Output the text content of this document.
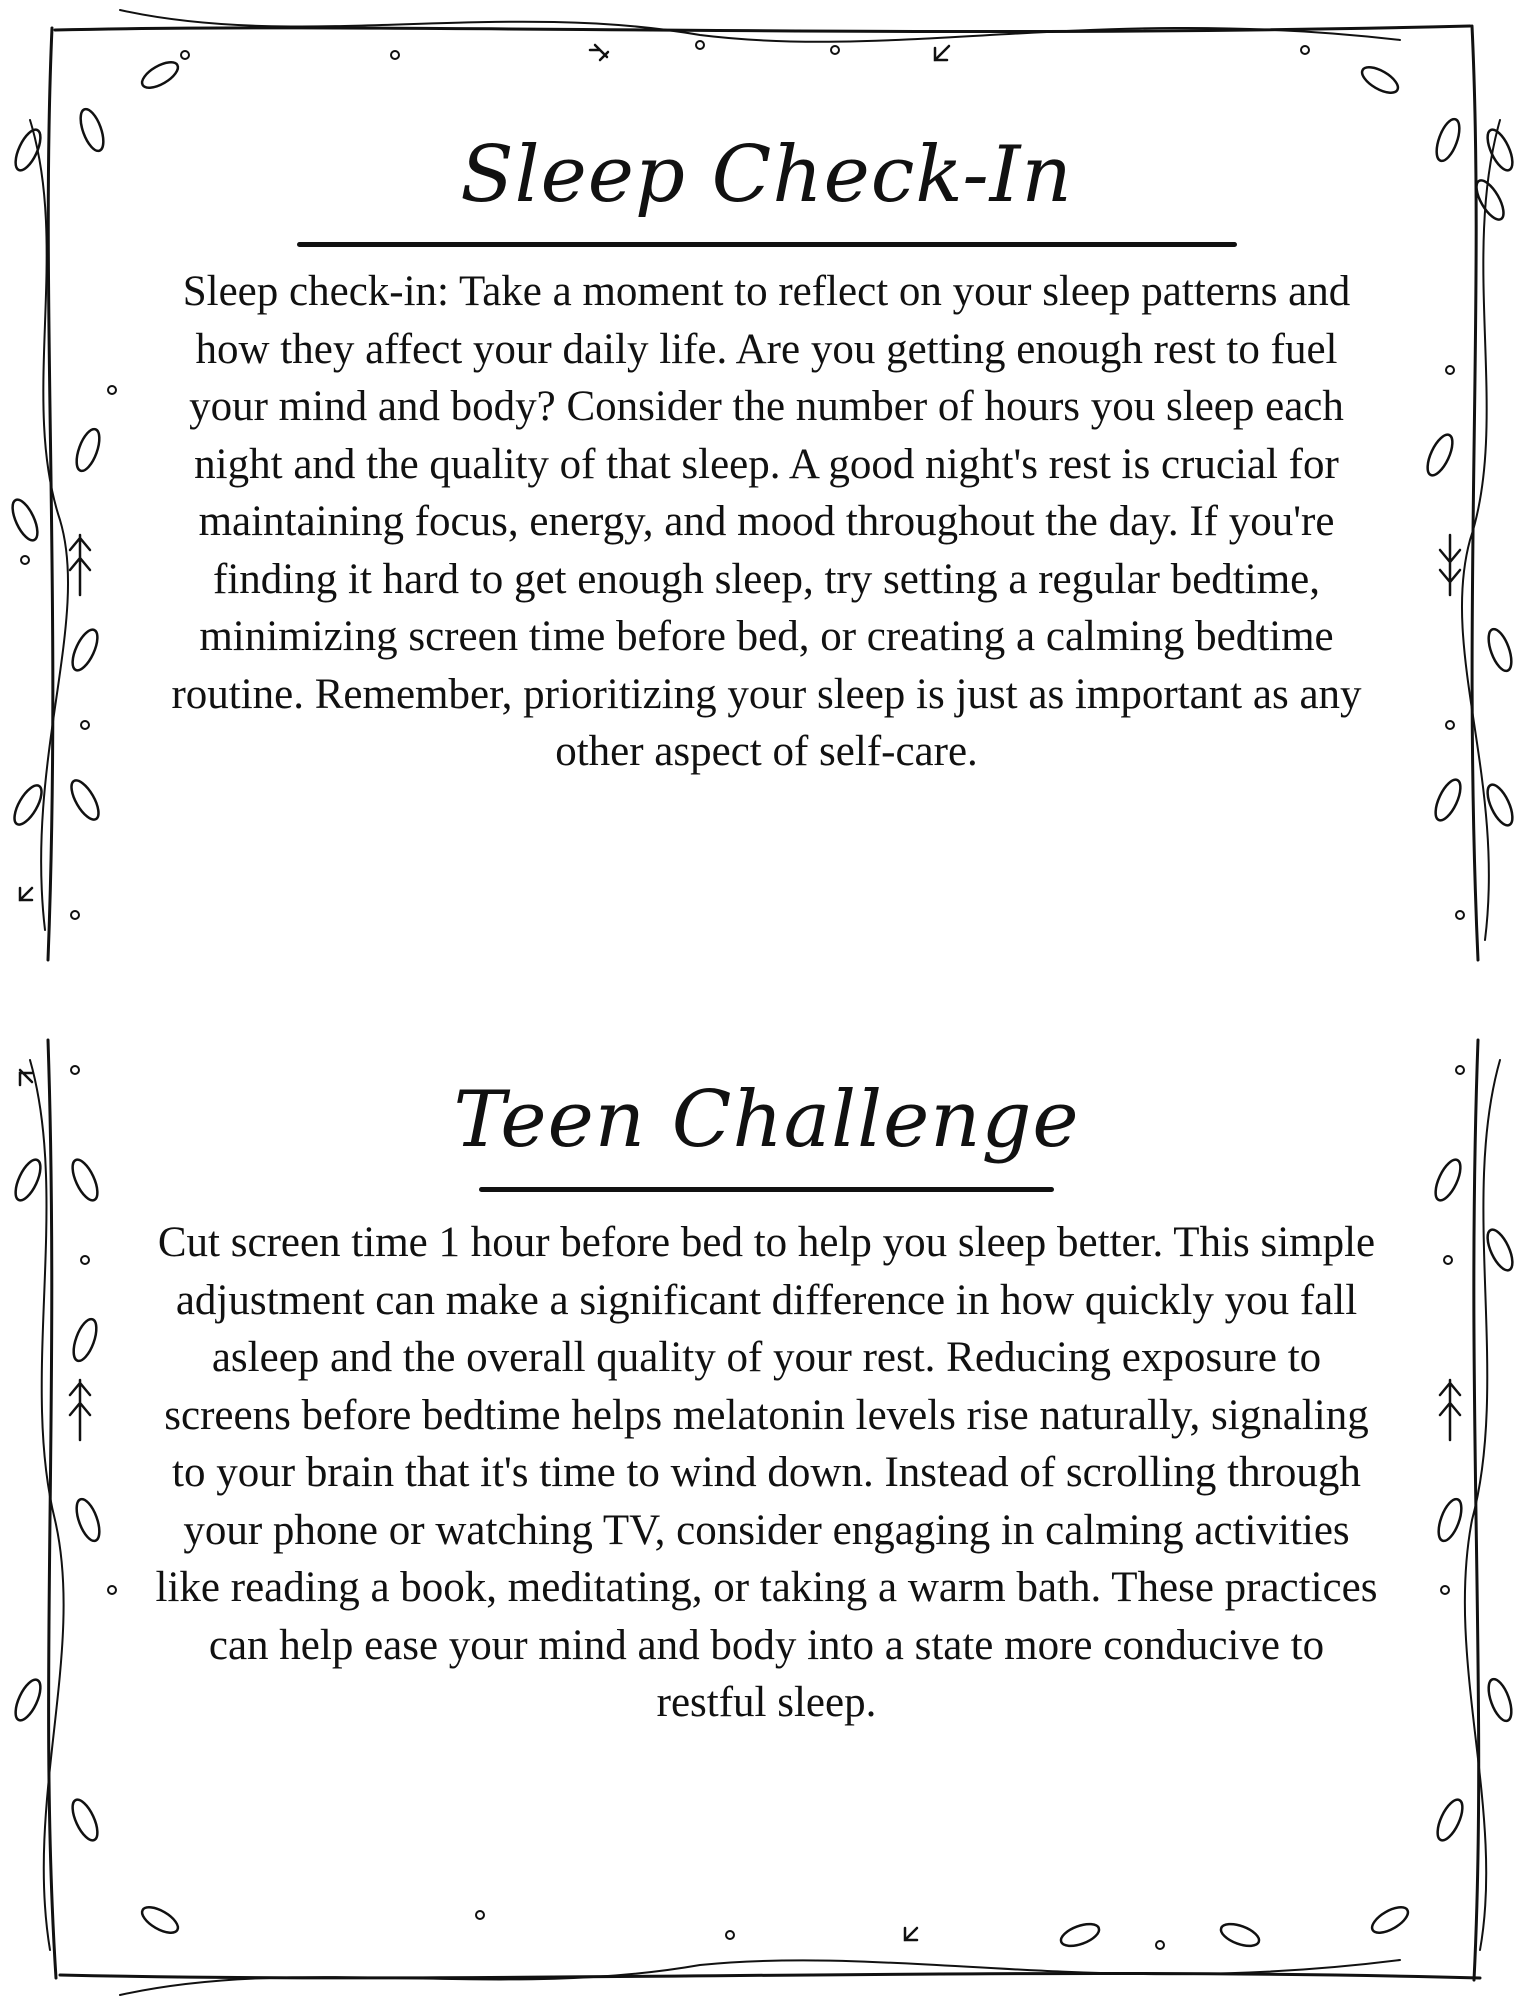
Sleep Check-In

Sleep check-in: Take a moment to reflect on your sleep patterns and how they affect your daily life. Are you getting enough rest to fuel your mind and body? Consider the number of hours you sleep each night and the quality of that sleep. A good night's rest is crucial for maintaining focus, energy, and mood throughout the day. If you're finding it hard to get enough sleep, try setting a regular bedtime, minimizing screen time before bed, or creating a calming bedtime routine. Remember, prioritizing your sleep is just as important as any other aspect of self-care.

Teen Challenge

Cut screen time 1 hour before bed to help you sleep better. This simple adjustment can make a significant difference in how quickly you fall asleep and the overall quality of your rest. Reducing exposure to screens before bedtime helps melatonin levels rise naturally, signaling to your brain that it's time to wind down. Instead of scrolling through your phone or watching TV, consider engaging in calming activities like reading a book, meditating, or taking a warm bath. These practices can help ease your mind and body into a state more conducive to restful sleep.
